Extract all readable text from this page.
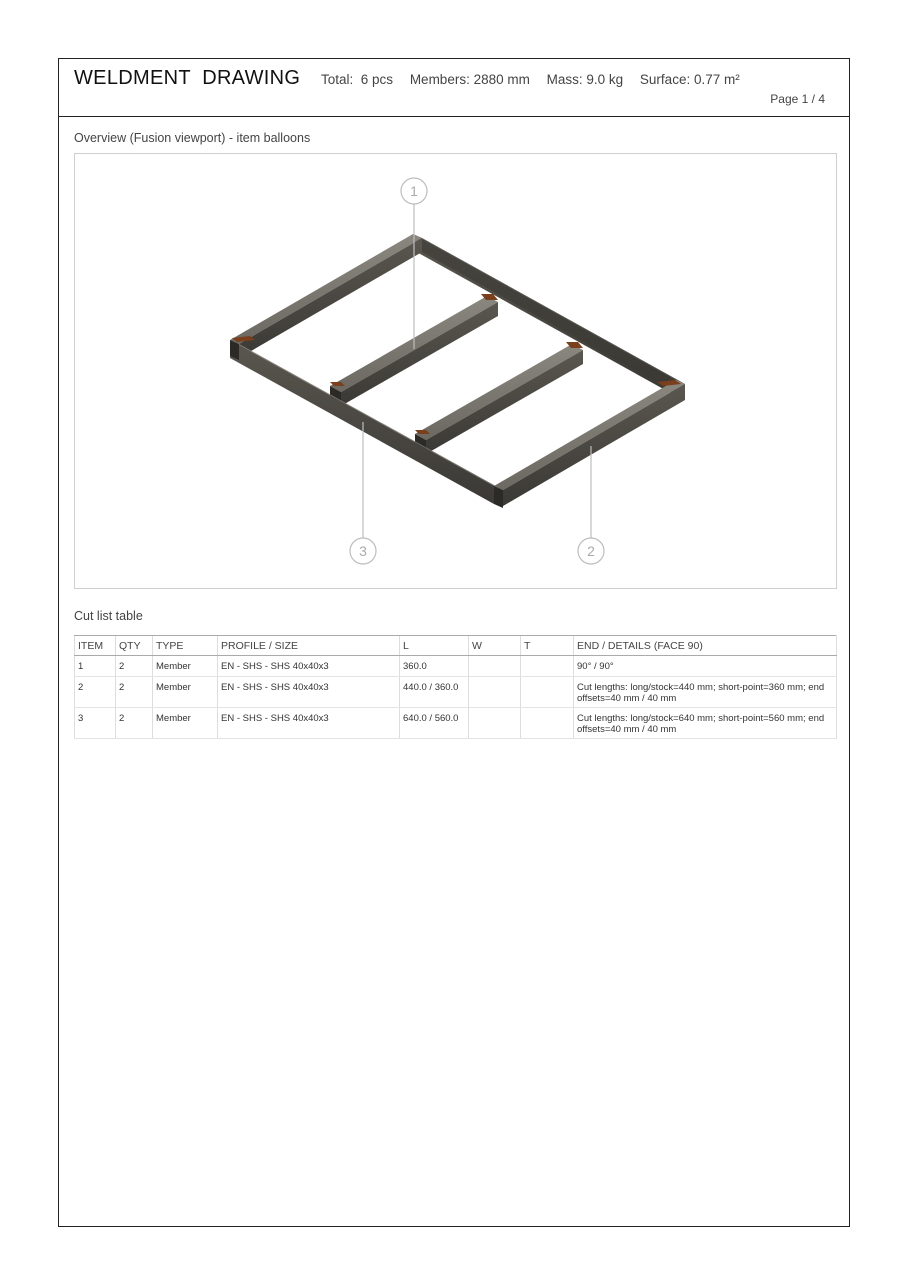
WELDMENT  DRAWING Total:  6 pcs Members: 2880 mm Mass: 9.0 kg Surface: 0.77 m²
Page 1 / 4
Overview (Fusion viewport) - item balloons
1
3	2
Cut list table
ITEM	QTY	TYPE	PROFILE / SIZE	L	W	T	END / DETAILS (FACE 90)
1	2	Member	EN - SHS - SHS 40x40x3	360.0			90° / 90°
2	2	Member	EN - SHS - SHS 40x40x3	440.0 / 360.0			Cut lengths: long/stock=440 mm; short-point=360 mm; end offsets=40 mm / 40 mm
3	2	Member	EN - SHS - SHS 40x40x3	640.0 / 560.0			Cut lengths: long/stock=640 mm; short-point=560 mm; end offsets=40 mm / 40 mm
